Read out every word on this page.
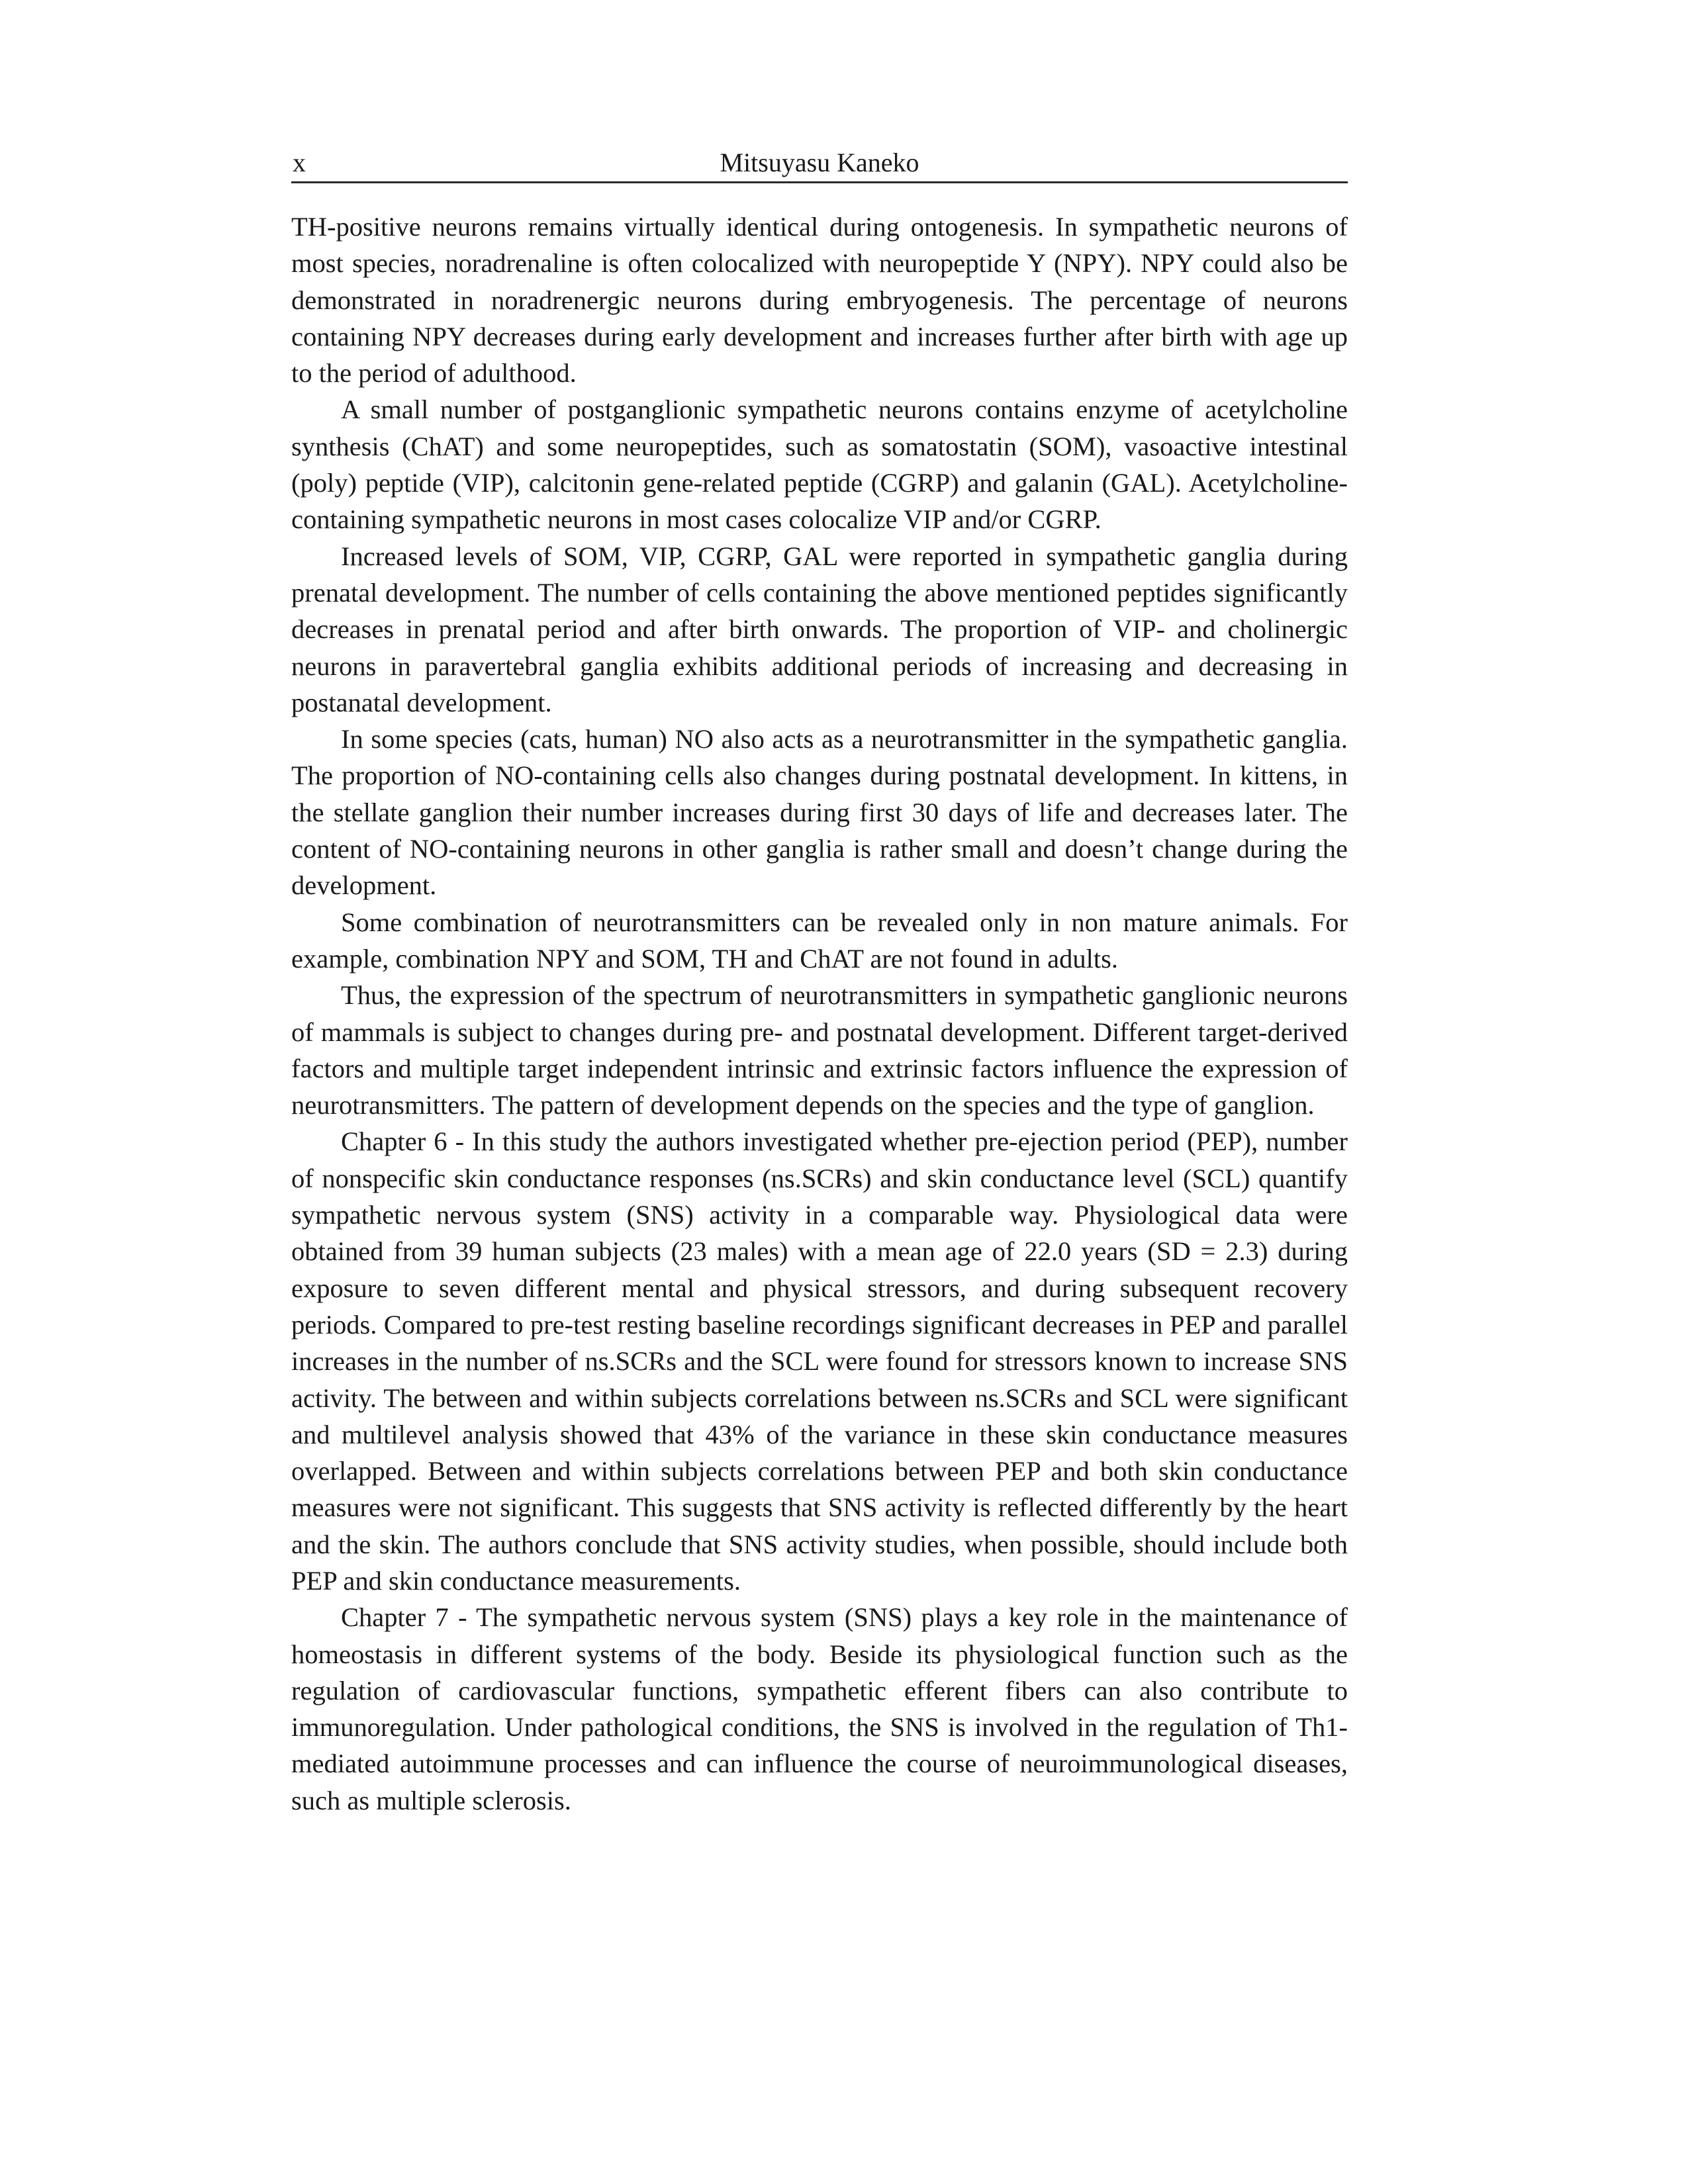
x	Mitsuyasu Kaneko

TH-positive neurons remains virtually identical during ontogenesis. In sympathetic neurons of most species, noradrenaline is often colocalized with neuropeptide Y (NPY). NPY could also be demonstrated in noradrenergic neurons during embryogenesis. The percentage of neurons containing NPY decreases during early development and increases further after birth with age up to the period of adulthood.

A small number of postganglionic sympathetic neurons contains enzyme of acetylcholine synthesis (ChAT) and some neuropeptides, such as somatostatin (SOM), vasoactive intestinal (poly) peptide (VIP), calcitonin gene-related peptide (CGRP) and galanin (GAL). Acetylcholine-containing sympathetic neurons in most cases colocalize VIP and/or CGRP.

Increased levels of SOM, VIP, CGRP, GAL were reported in sympathetic ganglia during prenatal development. The number of cells containing the above mentioned peptides significantly decreases in prenatal period and after birth onwards. The proportion of VIP- and cholinergic neurons in paravertebral ganglia exhibits additional periods of increasing and decreasing in postanatal development.

In some species (cats, human) NO also acts as a neurotransmitter in the sympathetic ganglia. The proportion of NO-containing cells also changes during postnatal development. In kittens, in the stellate ganglion their number increases during first 30 days of life and decreases later. The content of NO-containing neurons in other ganglia is rather small and doesn’t change during the development.

Some combination of neurotransmitters can be revealed only in non mature animals. For example, combination NPY and SOM, TH and ChAT are not found in adults.

Thus, the expression of the spectrum of neurotransmitters in sympathetic ganglionic neurons of mammals is subject to changes during pre- and postnatal development. Different target-derived factors and multiple target independent intrinsic and extrinsic factors influence the expression of neurotransmitters. The pattern of development depends on the species and the type of ganglion.

Chapter 6 - In this study the authors investigated whether pre-ejection period (PEP), number of nonspecific skin conductance responses (ns.SCRs) and skin conductance level (SCL) quantify sympathetic nervous system (SNS) activity in a comparable way. Physiological data were obtained from 39 human subjects (23 males) with a mean age of 22.0 years (SD = 2.3) during exposure to seven different mental and physical stressors, and during subsequent recovery periods. Compared to pre-test resting baseline recordings significant decreases in PEP and parallel increases in the number of ns.SCRs and the SCL were found for stressors known to increase SNS activity. The between and within subjects correlations between ns.SCRs and SCL were significant and multilevel analysis showed that 43% of the variance in these skin conductance measures overlapped. Between and within subjects correlations between PEP and both skin conductance measures were not significant. This suggests that SNS activity is reflected differently by the heart and the skin. The authors conclude that SNS activity studies, when possible, should include both PEP and skin conductance measurements.

Chapter 7 - The sympathetic nervous system (SNS) plays a key role in the maintenance of homeostasis in different systems of the body. Beside its physiological function such as the regulation of cardiovascular functions, sympathetic efferent fibers can also contribute to immunoregulation. Under pathological conditions, the SNS is involved in the regulation of Th1-mediated autoimmune processes and can influence the course of neuroimmunological diseases, such as multiple sclerosis.
